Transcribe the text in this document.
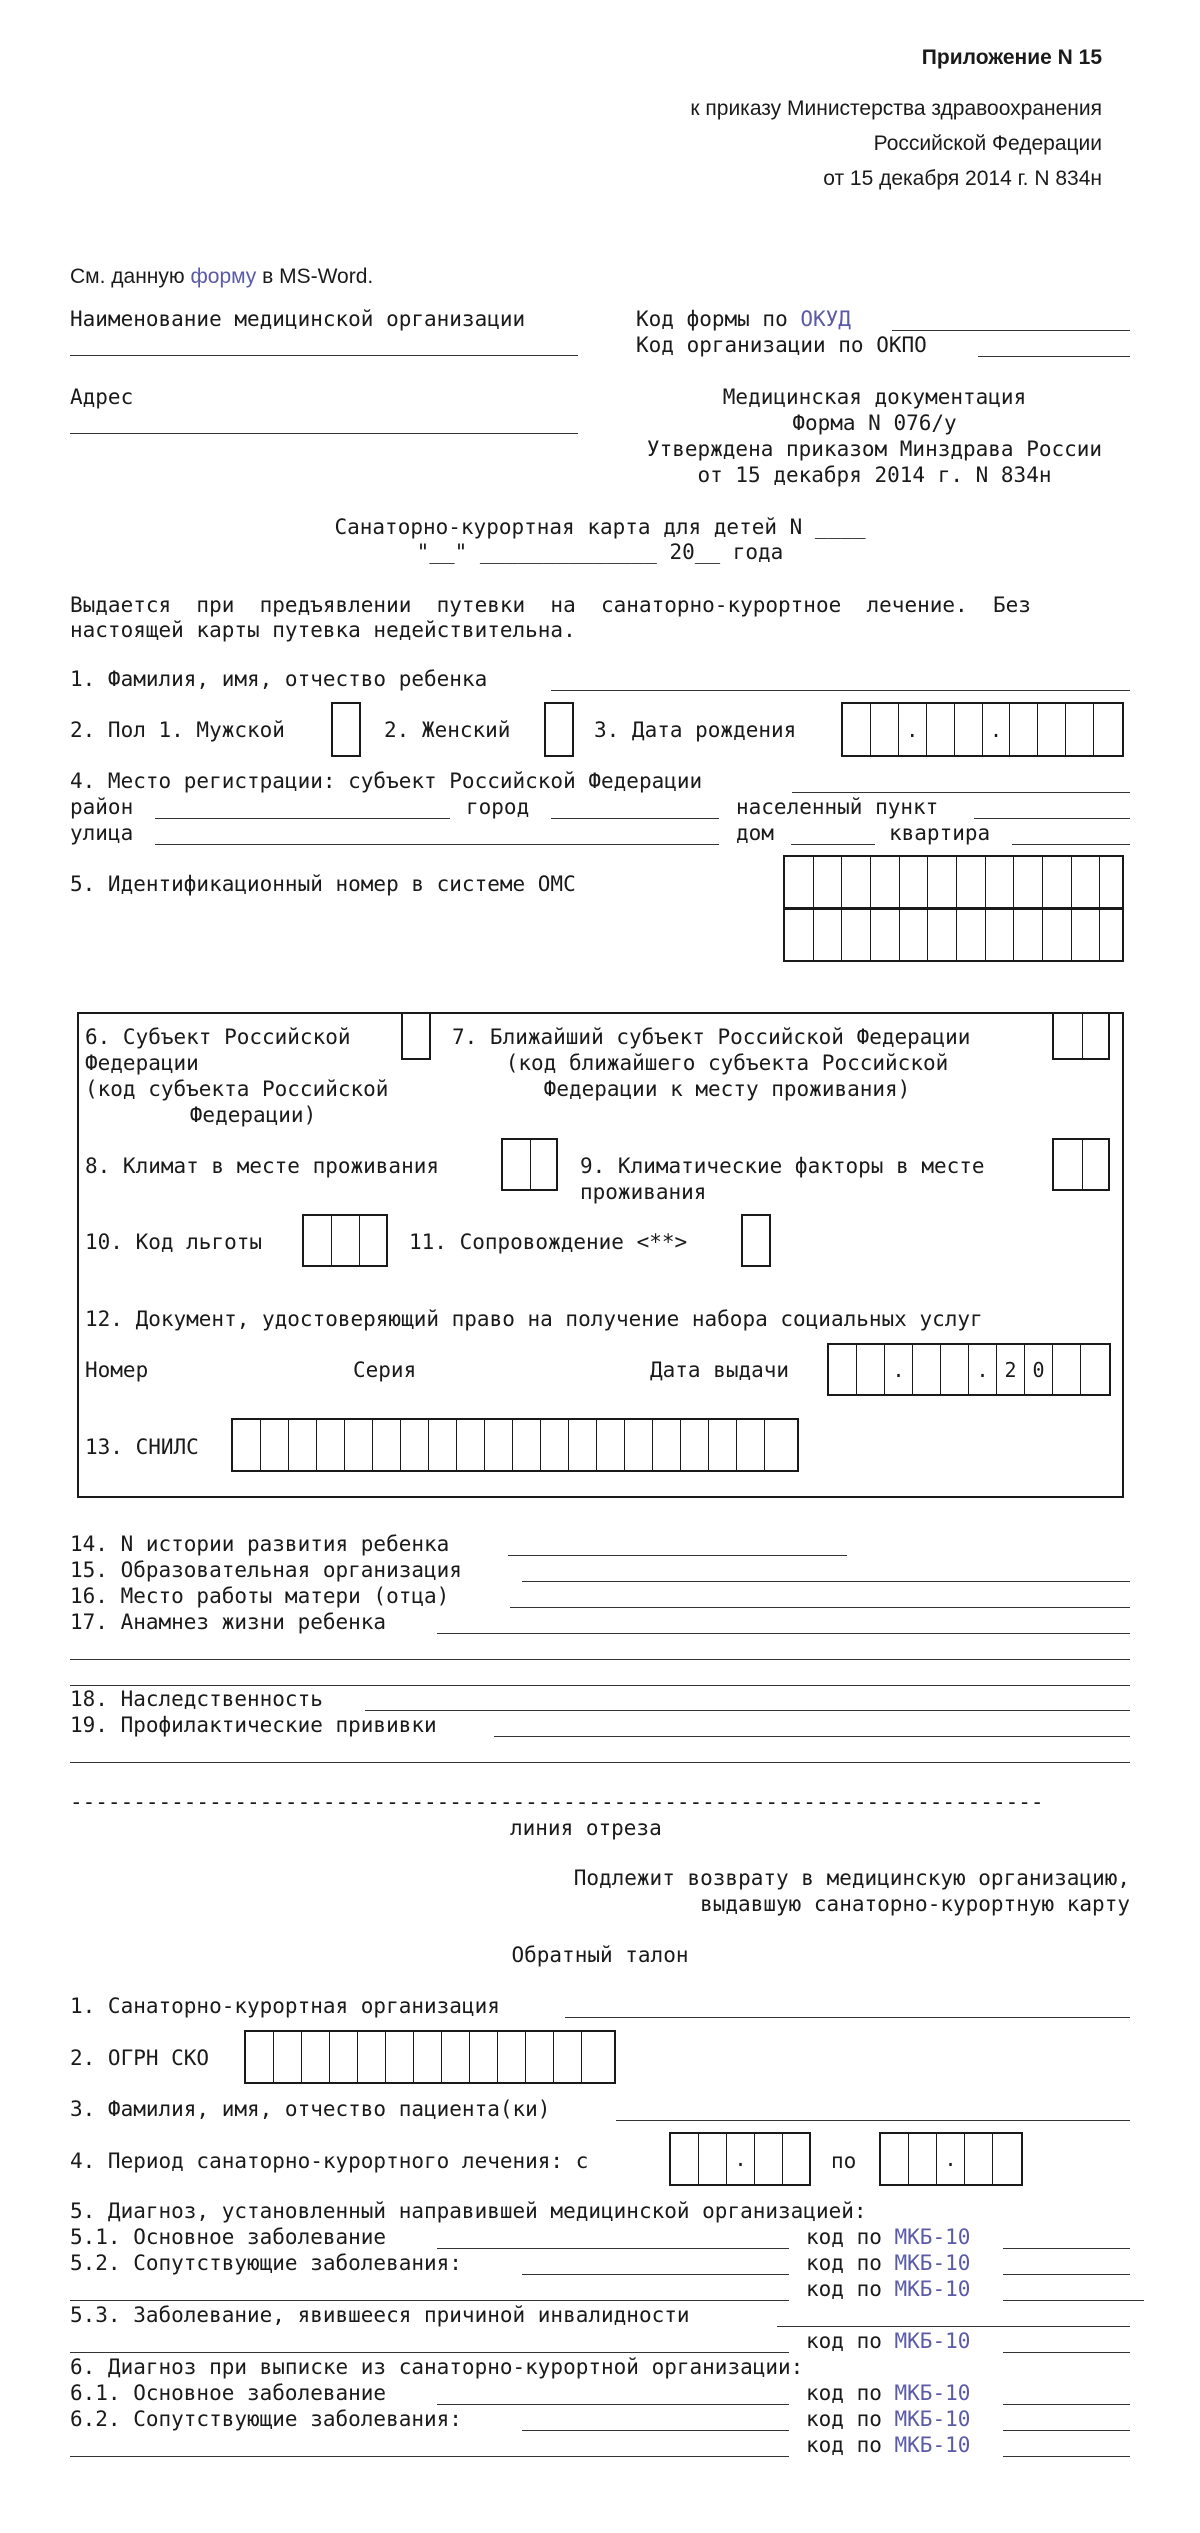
Приложение N 15
к приказу Министерства здравоохранения
Российской Федерации
от 15 декабря 2014 г. N 834н
См. данную форму в MS-Word.
Наименование медицинской организации
Адрес
Код формы по ОКУД
Код организации по ОКПО
Медицинская документация
Форма N 076/у
Утверждена приказом Минздрава России
от 15 декабря 2014 г. N 834н
Санаторно-курортная карта для детей N ____
"__" ______________ 20__ года
Выдается  при  предъявлении  путевки  на  санаторно-курортное  лечение.  Без
настоящей карты путевка недействительна.
1. Фамилия, имя, отчество ребенка
2. Пол 1. Мужской	2. Женский	3. Дата рождения	.	.
4. Место регистрации: субъект Российской Федерации
район	город	населенный пункт
улица	дом	квартира
5. Идентификационный номер в системе ОМС
6. Субъект Российской
Федерации
(код субъекта Российской
Федерации)
7. Ближайший субъект Российской Федерации
(код ближайшего субъекта Российской
Федерации к месту проживания)
8. Климат в месте проживания	9. Климатические факторы в месте
проживания
10. Код льготы	11. Сопровождение <**>
12. Документ, удостоверяющий право на получение набора социальных услуг
Номер	Серия	Дата выдачи	.	. 2 0
13. СНИЛС
14. N истории развития ребенка
15. Образовательная организация
16. Место работы матери (отца)
17. Анамнез жизни ребенка
18. Наследственность
19. Профилактические прививки
-----------------------------------------------------------------------------
линия отреза
Подлежит возврату в медицинскую организацию,
выдавшую санаторно-курортную карту
Обратный талон
1. Санаторно-курортная организация
2. ОГРН СКО
3. Фамилия, имя, отчество пациента(ки)
4. Период санаторно-курортного лечения: с	.	по	.
5. Диагноз, установленный направившей медицинской организацией:
5.1. Основное заболевание	код по МКБ-10
5.2. Сопутствующие заболевания:	код по МКБ-10
код по МКБ-10
5.3. Заболевание, явившееся причиной инвалидности
код по МКБ-10
6. Диагноз при выписке из санаторно-курортной организации:
6.1. Основное заболевание	код по МКБ-10
6.2. Сопутствующие заболевания:	код по МКБ-10
код по МКБ-10
